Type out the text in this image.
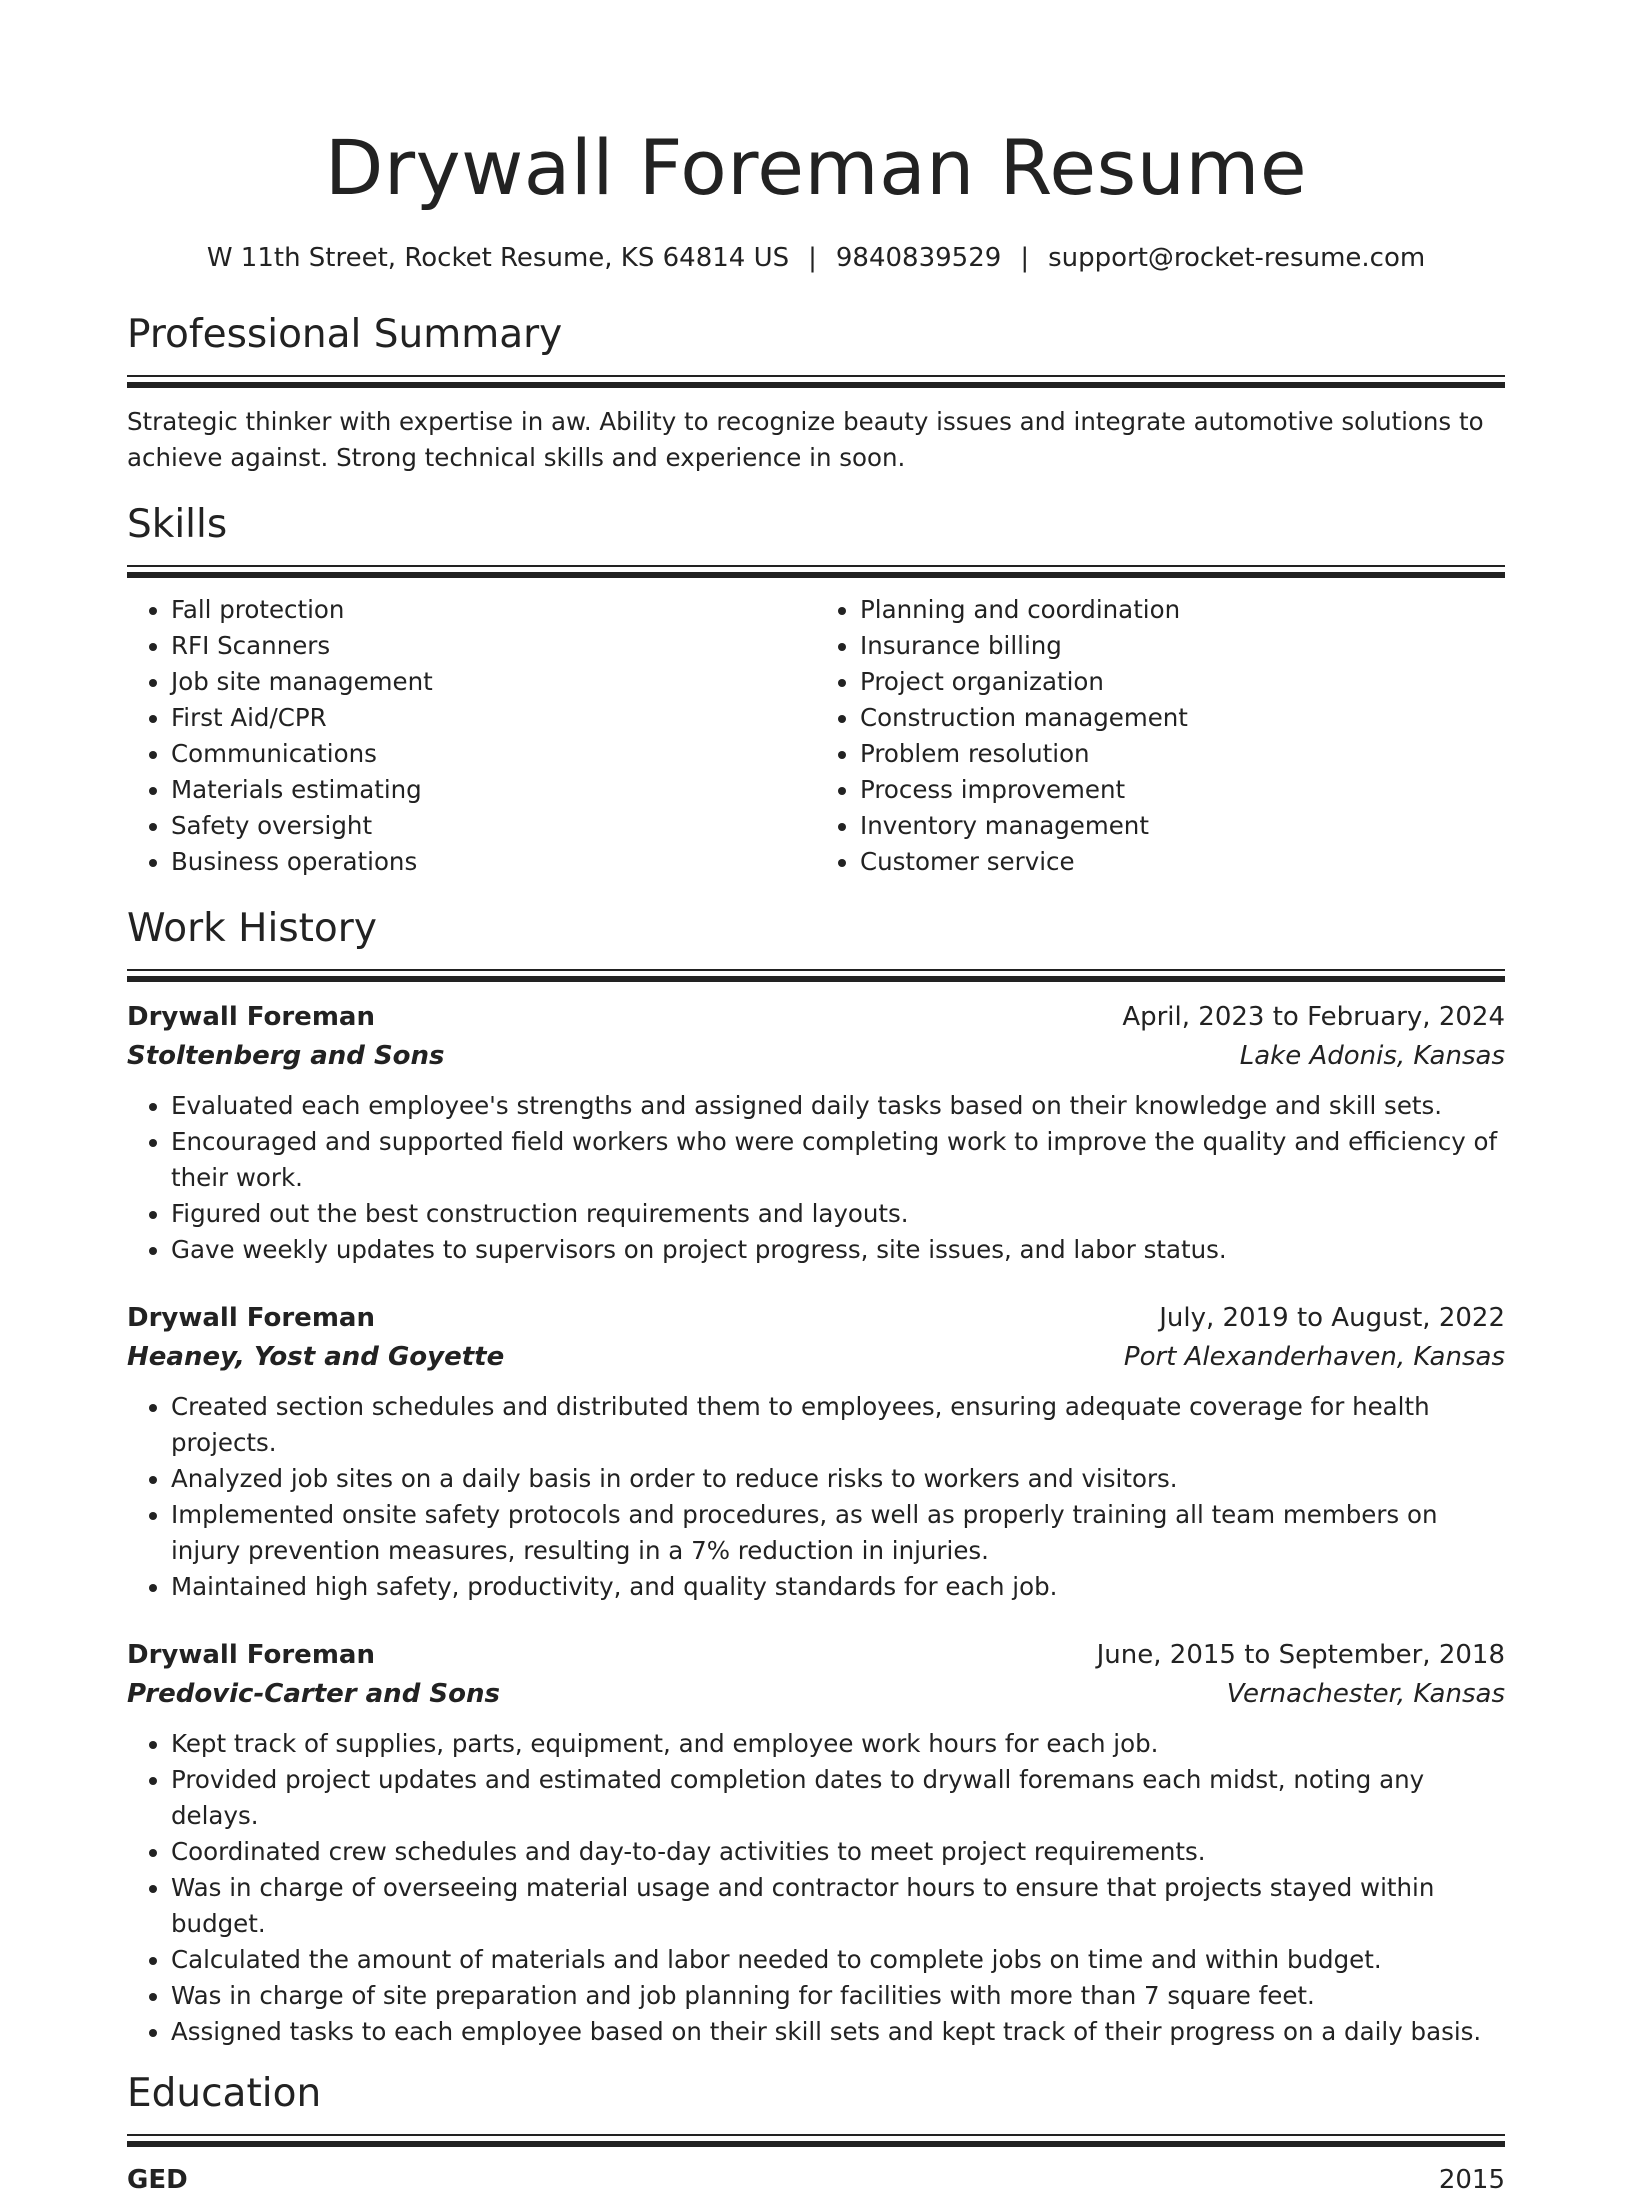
Drywall Foreman Resume
W 11th Street, Rocket Resume, KS 64814 US | 9840839529 | support@rocket-resume.com
Professional Summary
Strategic thinker with expertise in aw. Ability to recognize beauty issues and integrate automotive solutions to achieve against. Strong technical skills and experience in soon.
Skills
• Fall protection
• RFI Scanners
• Job site management
• First Aid/CPR
• Communications
• Materials estimating
• Safety oversight
• Business operations
• Planning and coordination
• Insurance billing
• Project organization
• Construction management
• Problem resolution
• Process improvement
• Inventory management
• Customer service
Work History
Drywall Foreman	April, 2023 to February, 2024
Stoltenberg and Sons	Lake Adonis, Kansas
• Evaluated each employee's strengths and assigned daily tasks based on their knowledge and skill sets.
• Encouraged and supported field workers who were completing work to improve the quality and efficiency of their work.
• Figured out the best construction requirements and layouts.
• Gave weekly updates to supervisors on project progress, site issues, and labor status.
Drywall Foreman	July, 2019 to August, 2022
Heaney, Yost and Goyette	Port Alexanderhaven, Kansas
• Created section schedules and distributed them to employees, ensuring adequate coverage for health projects.
• Analyzed job sites on a daily basis in order to reduce risks to workers and visitors.
• Implemented onsite safety protocols and procedures, as well as properly training all team members on injury prevention measures, resulting in a 7% reduction in injuries.
• Maintained high safety, productivity, and quality standards for each job.
Drywall Foreman	June, 2015 to September, 2018
Predovic-Carter and Sons	Vernachester, Kansas
• Kept track of supplies, parts, equipment, and employee work hours for each job.
• Provided project updates and estimated completion dates to drywall foremans each midst, noting any delays.
• Coordinated crew schedules and day-to-day activities to meet project requirements.
• Was in charge of overseeing material usage and contractor hours to ensure that projects stayed within budget.
• Calculated the amount of materials and labor needed to complete jobs on time and within budget.
• Was in charge of site preparation and job planning for facilities with more than 7 square feet.
• Assigned tasks to each employee based on their skill sets and kept track of their progress on a daily basis.
Education
GED	2015
